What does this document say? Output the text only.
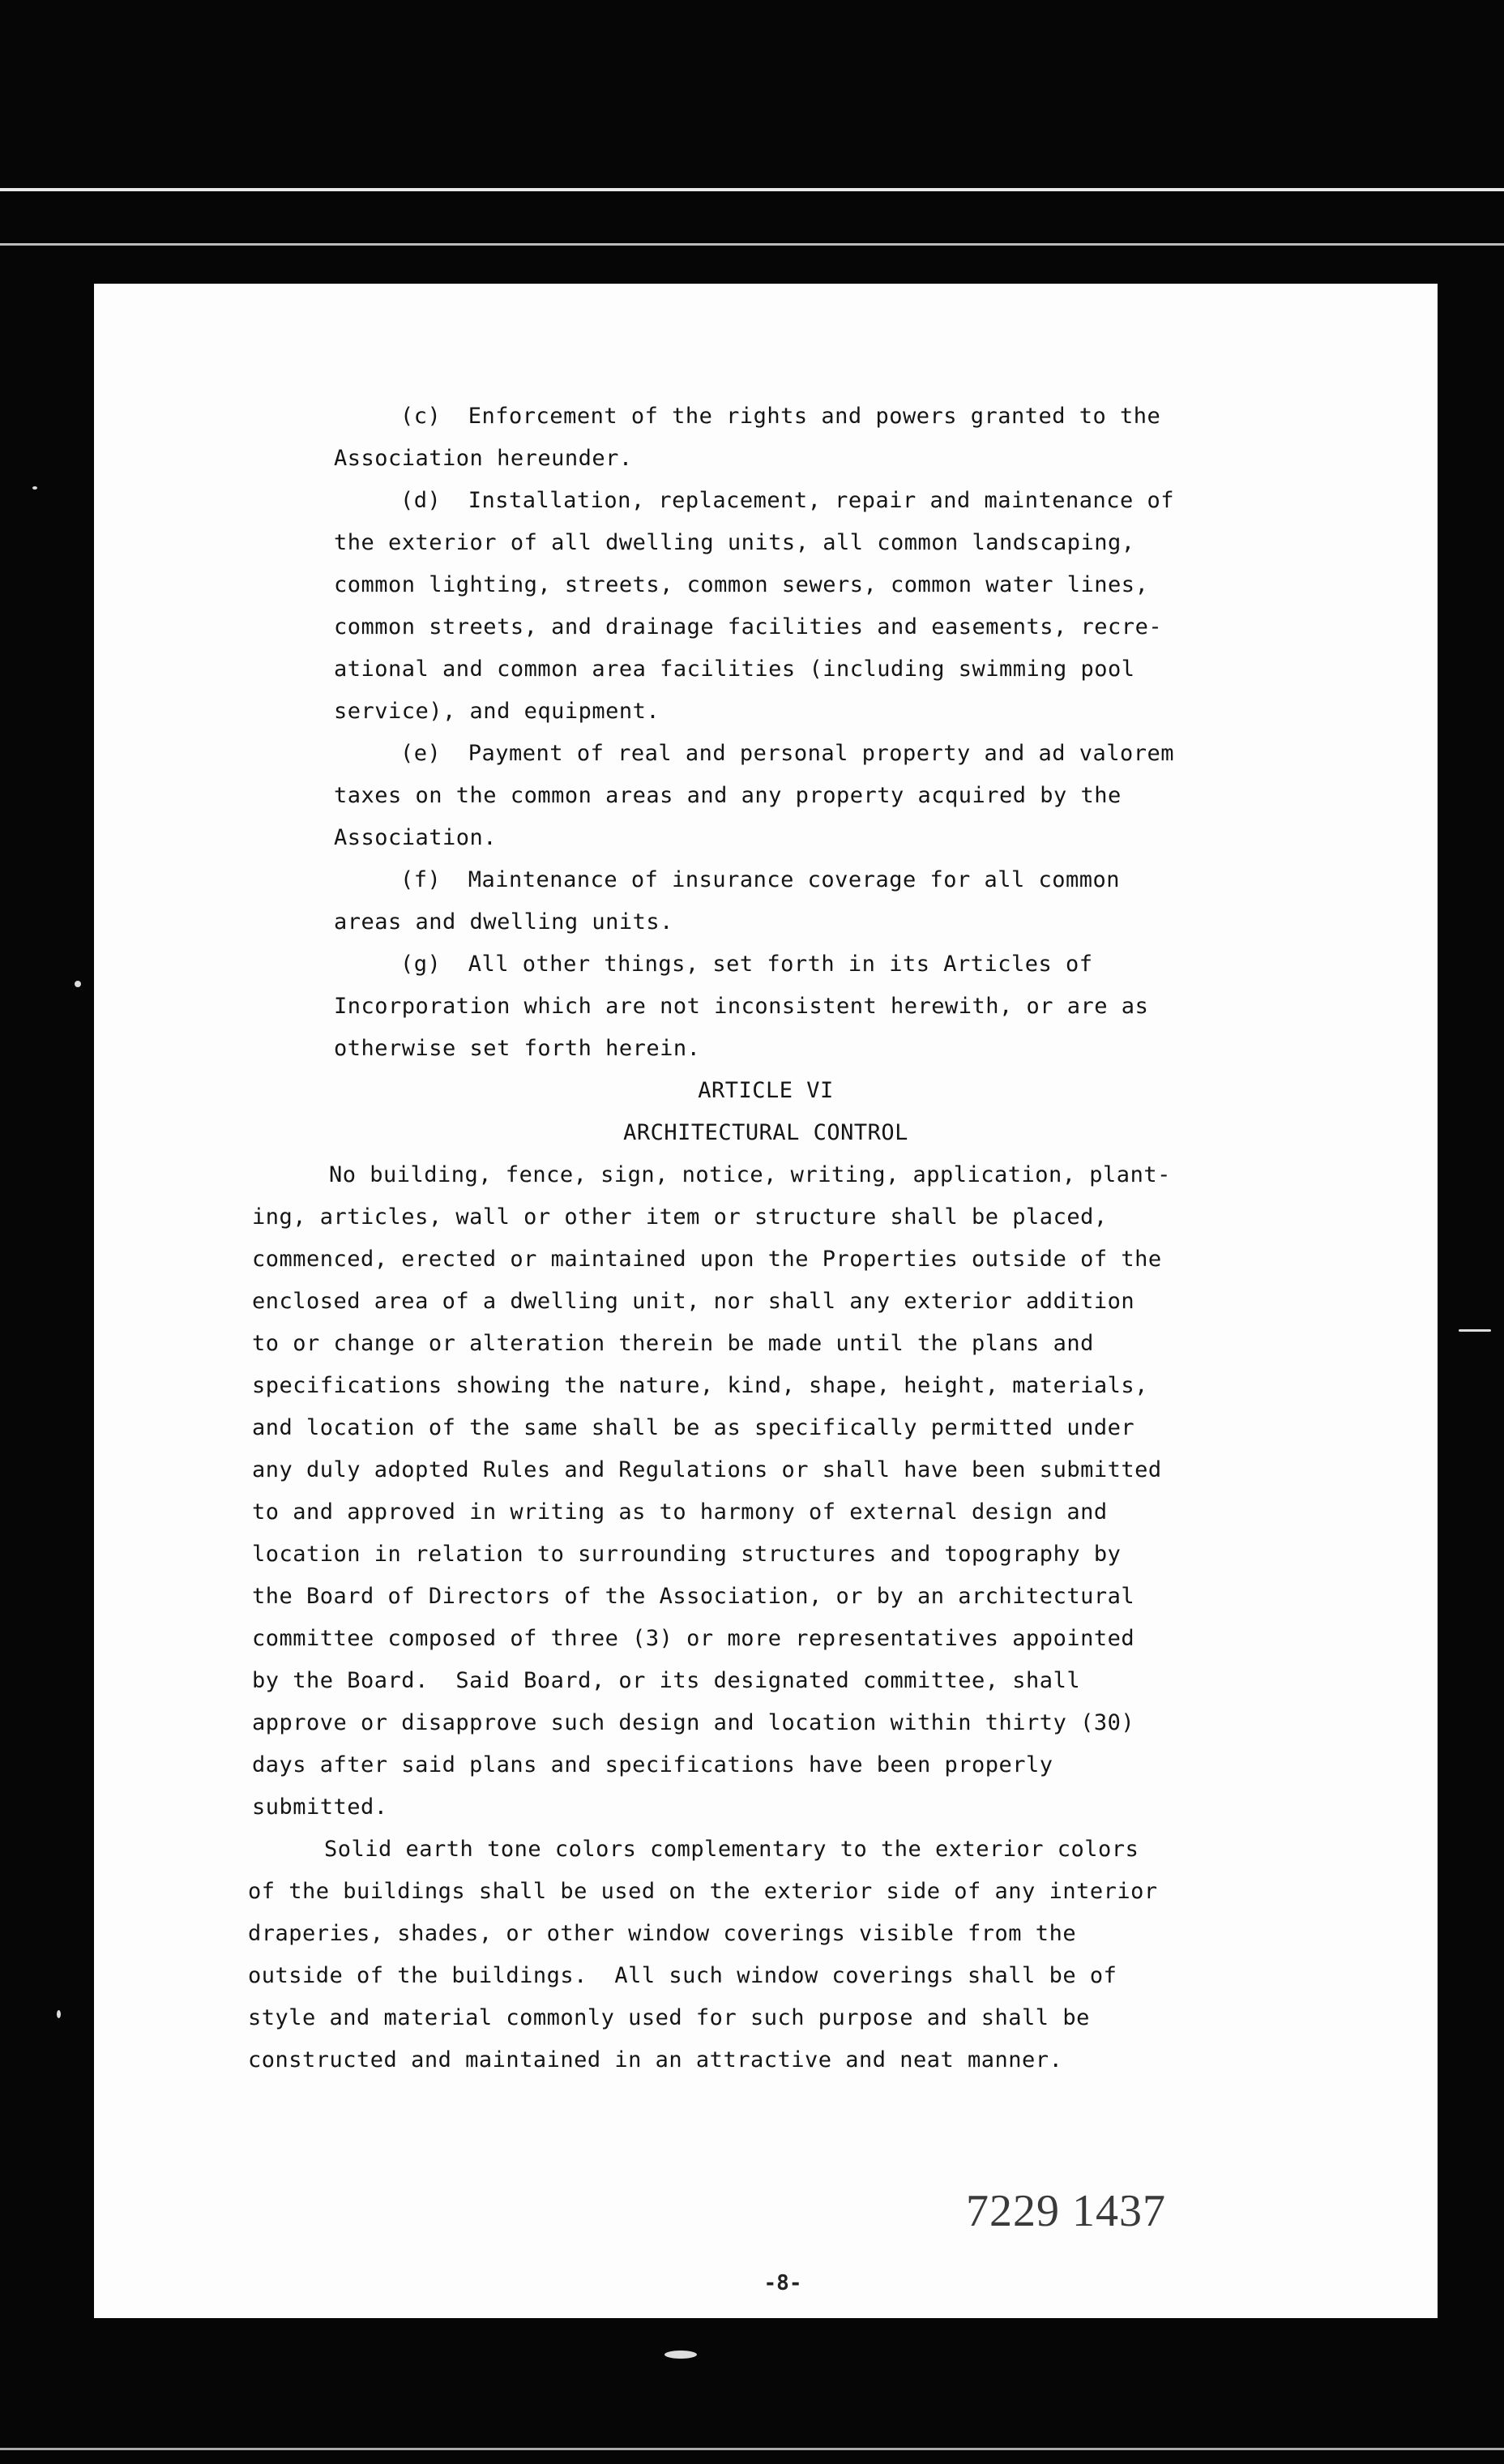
(c)  Enforcement of the rights and powers granted to the

Association hereunder.

(d)  Installation, replacement, repair and maintenance of

the exterior of all dwelling units, all common landscaping,

common lighting, streets, common sewers, common water lines,

common streets, and drainage facilities and easements, recre-

ational and common area facilities (including swimming pool

service), and equipment.

(e)  Payment of real and personal property and ad valorem

taxes on the common areas and any property acquired by the

Association.

(f)  Maintenance of insurance coverage for all common

areas and dwelling units.

(g)  All other things, set forth in its Articles of

Incorporation which are not inconsistent herewith, or are as

otherwise set forth herein.

ARTICLE VI

ARCHITECTURAL CONTROL

No building, fence, sign, notice, writing, application, plant-

ing, articles, wall or other item or structure shall be placed,

commenced, erected or maintained upon the Properties outside of the

enclosed area of a dwelling unit, nor shall any exterior addition

to or change or alteration therein be made until the plans and

specifications showing the nature, kind, shape, height, materials,

and location of the same shall be as specifically permitted under

any duly adopted Rules and Regulations or shall have been submitted

to and approved in writing as to harmony of external design and

location in relation to surrounding structures and topography by

the Board of Directors of the Association, or by an architectural

committee composed of three (3) or more representatives appointed

by the Board.  Said Board, or its designated committee, shall

approve or disapprove such design and location within thirty (30)

days after said plans and specifications have been properly

submitted.

Solid earth tone colors complementary to the exterior colors

of the buildings shall be used on the exterior side of any interior

draperies, shades, or other window coverings visible from the

outside of the buildings.  All such window coverings shall be of

style and material commonly used for such purpose and shall be

constructed and maintained in an attractive and neat manner.

7229 1437
-8-
